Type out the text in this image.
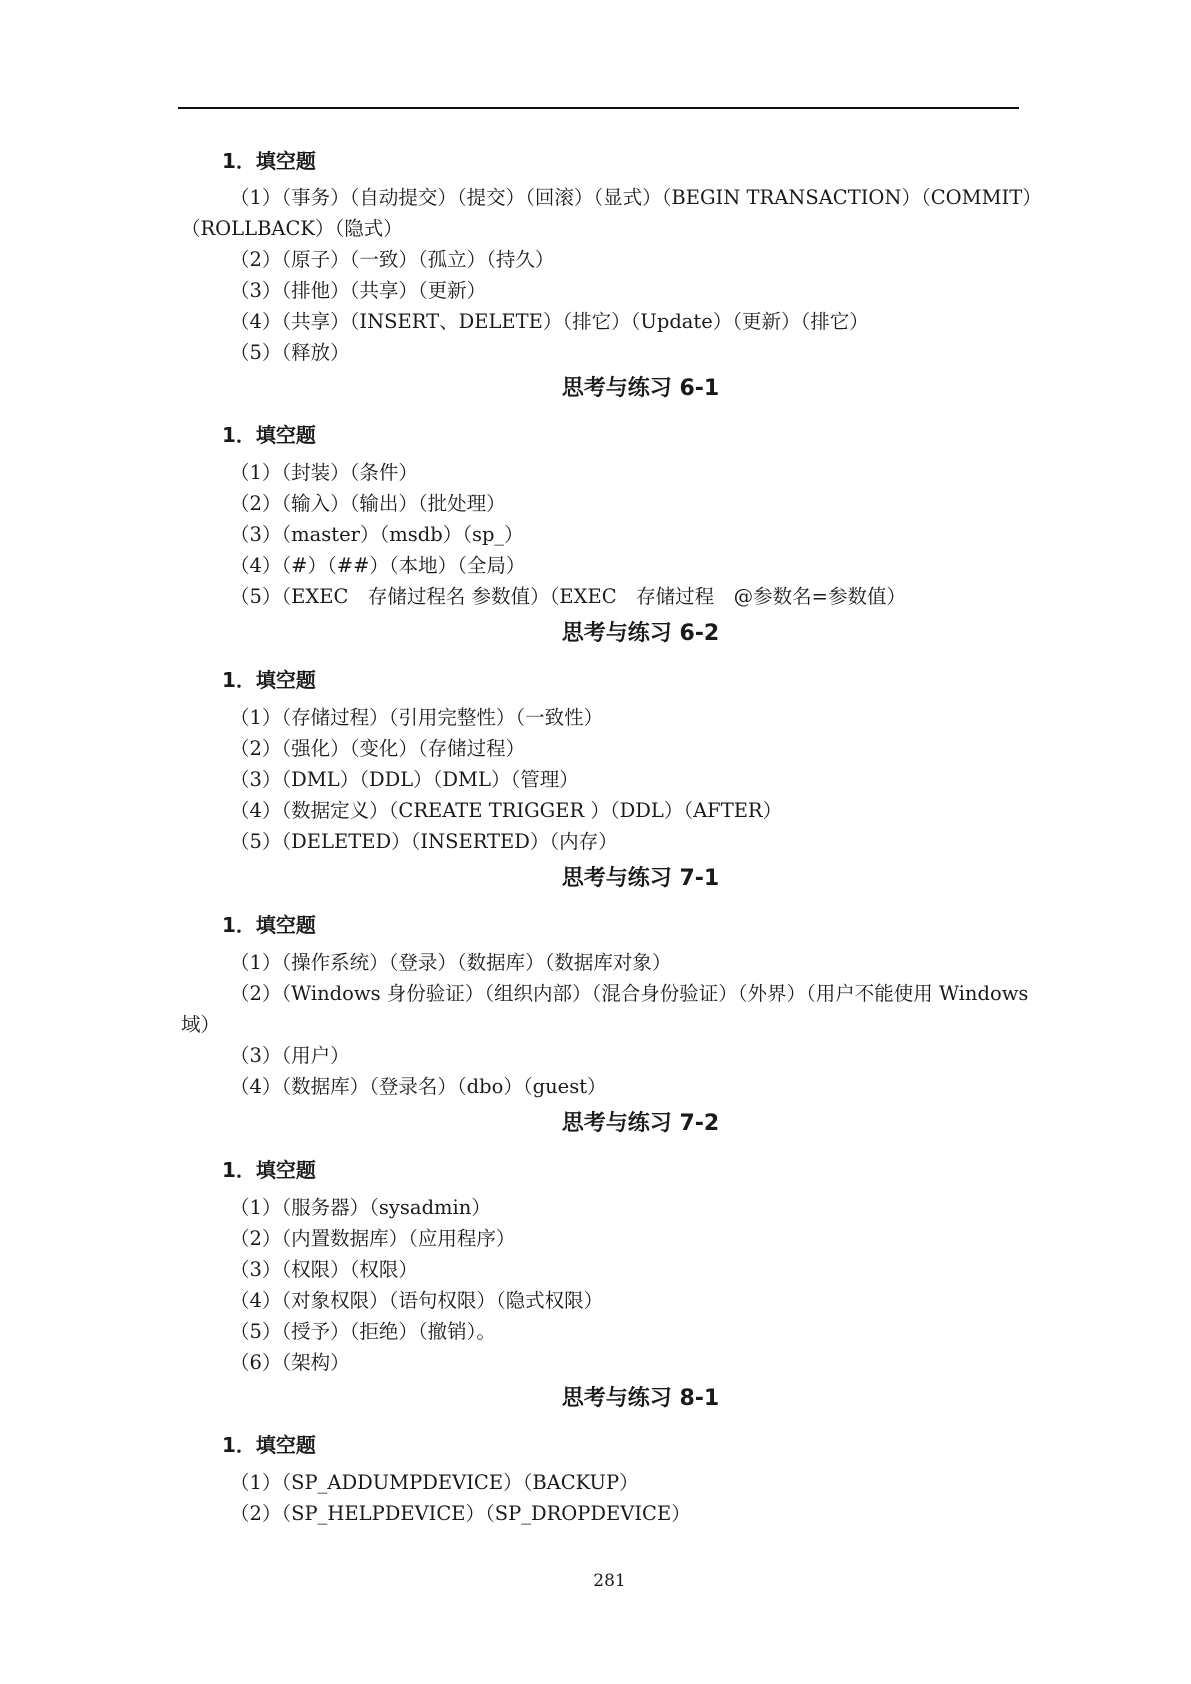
1．填空题
（1）（事务）（自动提交）（提交）（回滚）（显式）（BEGIN TRANSACTION）（COMMIT）
（ROLLBACK）（隐式）
（2）（原子）（一致）（孤立）（持久）
（3）（排他）（共享）（更新）
（4）（共享）（INSERT、DELETE）（排它）（Update）（更新）（排它）
（5）（释放）
思考与练习 6-1
1．填空题
（1）（封装）（条件）
（2）（输入）（输出）（批处理）
（3）（master）（msdb）（sp_）
（4）（#）（##）（本地）（全局）
（5）（EXEC　存储过程名 参数值）（EXEC　存储过程　@参数名=参数值）
思考与练习 6-2
1．填空题
（1）（存储过程）（引用完整性）（一致性）
（2）（强化）（变化）（存储过程）
（3）（DML）（DDL）（DML）（管理）
（4）（数据定义）（CREATE TRIGGER ）（DDL）（AFTER）
（5）（DELETED）（INSERTED）（内存）
思考与练习 7-1
1．填空题
（1）（操作系统）（登录）（数据库）（数据库对象）
（2）（Windows 身份验证）（组织内部）（混合身份验证）（外界）（用户不能使用 Windows
域）
（3）（用户）
（4）（数据库）（登录名）（dbo）（guest）
思考与练习 7-2
1．填空题
（1）（服务器）（sysadmin）
（2）（内置数据库）（应用程序）
（3）（权限）（权限）
（4）（对象权限）（语句权限）（隐式权限）
（5）（授予）（拒绝）（撤销）。
（6）（架构）
思考与练习 8-1
1．填空题
（1）（SP_ADDUMPDEVICE）（BACKUP）
（2）（SP_HELPDEVICE）（SP_DROPDEVICE）
281
